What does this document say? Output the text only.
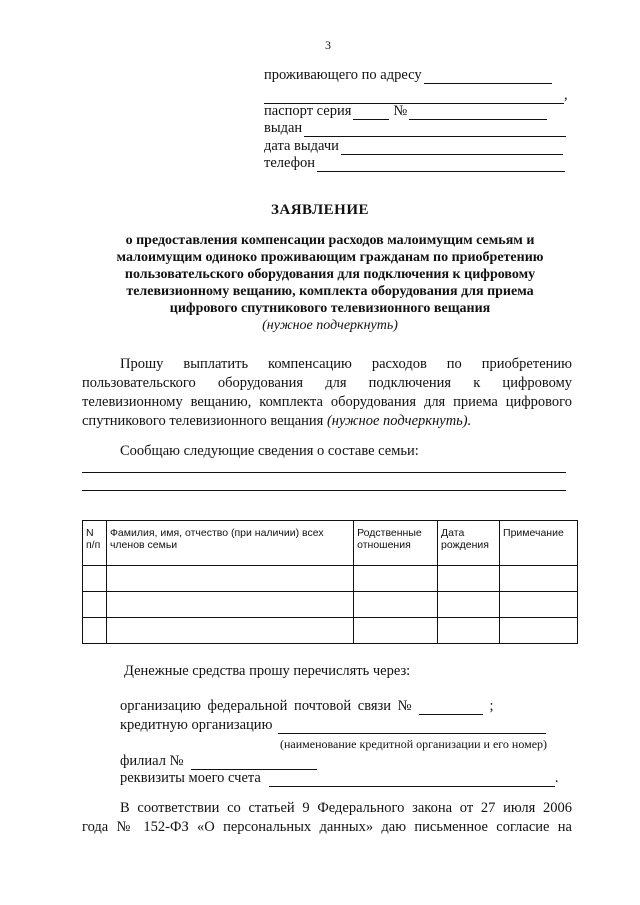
3
проживающего по адресу
,
паспорт серия	№
выдан
дата выдачи
телефон
ЗАЯВЛЕНИЕ
о предоставления компенсации расходов малоимущим семьям и
малоимущим одиноко проживающим гражданам по приобретению
пользовательского оборудования для подключения к цифровому
телевизионному вещанию, комплекта оборудования для приема
цифрового спутникового телевизионного вещания
(нужное подчеркнуть)
Прошу выплатить компенсацию расходов по приобретению пользовательского оборудования для подключения к цифровому телевизионному вещанию, комплекта оборудования для приема цифрового спутникового телевизионного вещания (нужное подчеркнуть).
Сообщаю следующие сведения о составе семьи:
N п/п	Фамилия, имя, отчество (при наличии) всех членов семьи	Родственные отношения	Дата рождения	Примечание

Денежные средства прошу перечислять через:
организацию федеральной почтовой связи №	;
кредитную организацию
(наименование кредитной организации и его номер)
филиал №
реквизиты моего счета	.
В соответствии со статьей 9 Федерального закона от 27 июля 2006
года № 152-ФЗ «О персональных данных» даю письменное согласие на
